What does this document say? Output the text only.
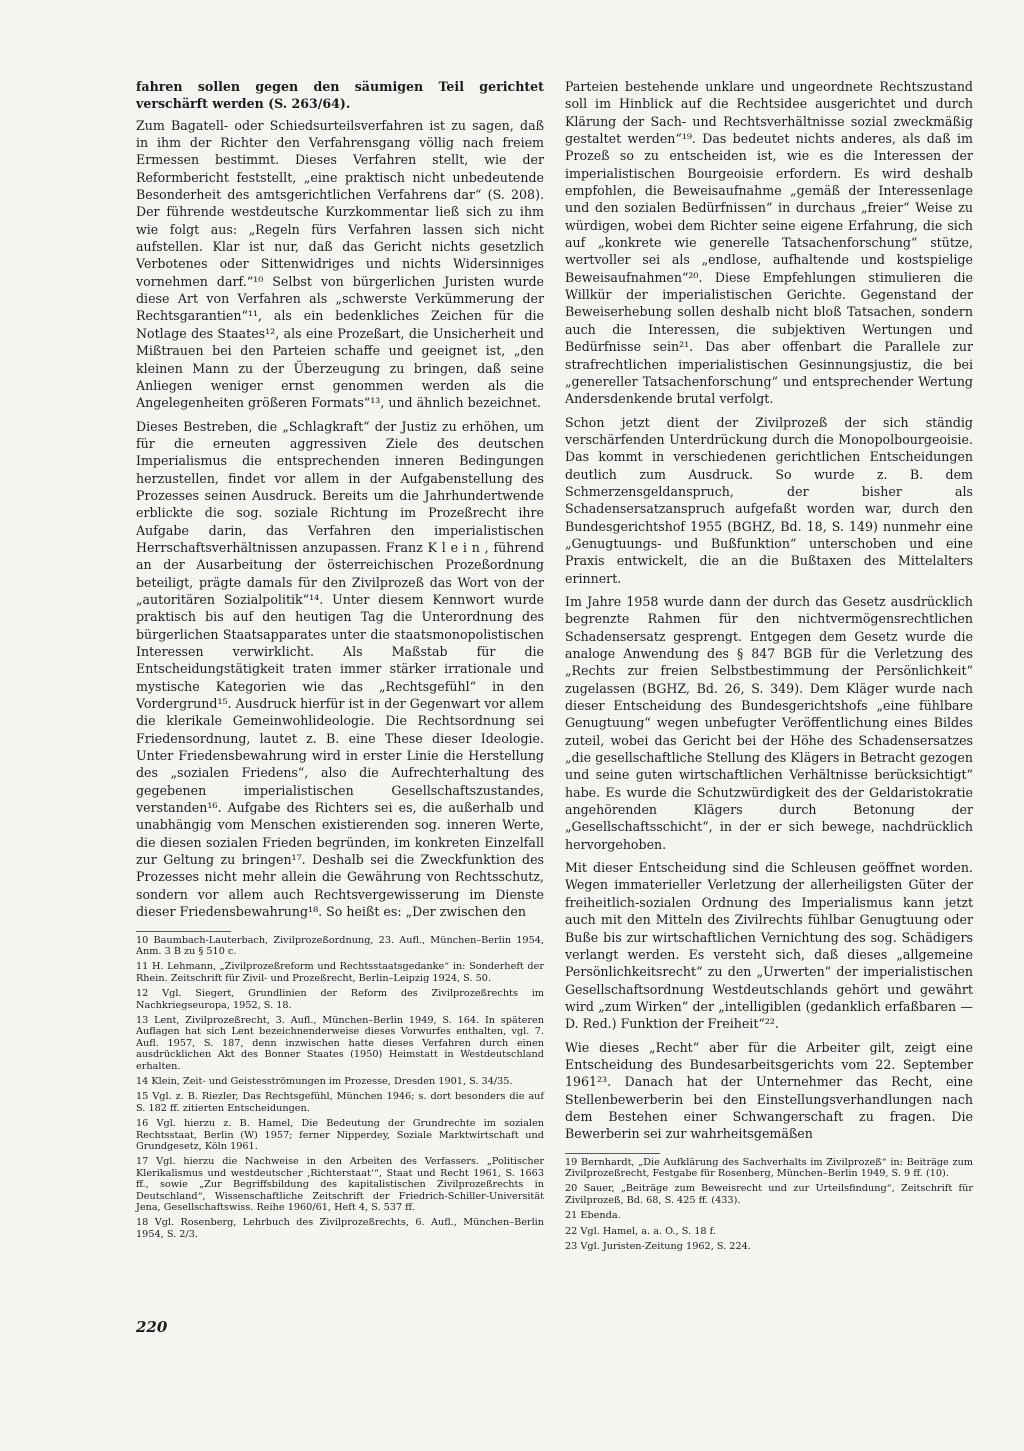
fahren sollen gegen den säumigen Teil gerichtet verschärft werden (S. 263/64).

Zum Bagatell- oder Schiedsurteilsverfahren ist zu sagen, daß in ihm der Richter den Verfahrensgang völlig nach freiem Ermessen bestimmt. Dieses Verfahren stellt, wie der Reformbericht feststellt, „eine praktisch nicht unbedeutende Besonderheit des amtsgerichtlichen Verfahrens dar“ (S. 208). Der führende westdeutsche Kurzkommentar ließ sich zu ihm wie folgt aus: „Regeln fürs Verfahren lassen sich nicht aufstellen. Klar ist nur, daß das Gericht nichts gesetzlich Verbotenes oder Sittenwidriges und nichts Widersinniges vornehmen darf.“¹⁰ Selbst von bürgerlichen Juristen wurde diese Art von Verfahren als „schwerste Verkümmerung der Rechtsgarantien“¹¹, als ein bedenkliches Zeichen für die Notlage des Staates¹², als eine Prozeßart, die Unsicherheit und Mißtrauen bei den Parteien schaffe und geeignet ist, „den kleinen Mann zu der Überzeugung zu bringen, daß seine Anliegen weniger ernst genommen werden als die Angelegenheiten größeren Formats“¹³, und ähnlich bezeichnet.

Dieses Bestreben, die „Schlagkraft“ der Justiz zu erhöhen, um für die erneuten aggressiven Ziele des deutschen Imperialismus die entsprechenden inneren Bedingungen herzustellen, findet vor allem in der Aufgabenstellung des Prozesses seinen Ausdruck. Bereits um die Jahrhundertwende erblickte die sog. soziale Richtung im Prozeßrecht ihre Aufgabe darin, das Verfahren den imperialistischen Herrschaftsverhältnissen anzupassen. Franz K l e i n , führend an der Ausarbeitung der österreichischen Prozeßordnung beteiligt, prägte damals für den Zivilprozeß das Wort von der „autoritären Sozialpolitik“¹⁴. Unter diesem Kennwort wurde praktisch bis auf den heutigen Tag die Unterordnung des bürgerlichen Staatsapparates unter die staatsmonopolistischen Interessen verwirklicht. Als Maßstab für die Entscheidungstätigkeit traten immer stärker irrationale und mystische Kategorien wie das „Rechtsgefühl“ in den Vordergrund¹⁵. Ausdruck hierfür ist in der Gegenwart vor allem die klerikale Gemeinwohlideologie. Die Rechtsordnung sei Friedensordnung, lautet z. B. eine These dieser Ideologie. Unter Friedensbewahrung wird in erster Linie die Herstellung des „sozialen Friedens“, also die Aufrechterhaltung des gegebenen imperialistischen Gesellschaftszustandes, verstanden¹⁶. Aufgabe des Richters sei es, die außerhalb und unabhängig vom Menschen existierenden sog. inneren Werte, die diesen sozialen Frieden begründen, im konkreten Einzelfall zur Geltung zu bringen¹⁷. Deshalb sei die Zweckfunktion des Prozesses nicht mehr allein die Gewährung von Rechtsschutz, sondern vor allem auch Rechtsvergewisserung im Dienste dieser Friedensbewahrung¹⁸. So heißt es: „Der zwischen den

10 Baumbach-Lauterbach, Zivilprozeßordnung, 23. Aufl., München–Berlin 1954, Anm. 3 B zu § 510 c.

11 H. Lehmann, „Zivilprozeßreform und Rechtsstaatsgedanke“ in: Sonderheft der Rhein. Zeitschrift für Zivil- und Prozeßrecht, Berlin–Leipzig 1924, S. 50.

12 Vgl. Siegert, Grundlinien der Reform des Zivilprozeßrechts im Nachkriegseuropa, 1952, S. 18.

13 Lent, Zivilprozeßrecht, 3. Aufl., München–Berlin 1949, S. 164. In späteren Auflagen hat sich Lent bezeichnenderweise dieses Vorwurfes enthalten, vgl. 7. Aufl. 1957, S. 187, denn inzwischen hatte dieses Verfahren durch einen ausdrücklichen Akt des Bonner Staates (1950) Heimstatt in Westdeutschland erhalten.

14 Klein, Zeit- und Geistesströmungen im Prozesse, Dresden 1901, S. 34/35.

15 Vgl. z. B. Riezler, Das Rechtsgefühl, München 1946; s. dort besonders die auf S. 182 ff. zitierten Entscheidungen.

16 Vgl. hierzu z. B. Hamel, Die Bedeutung der Grundrechte im sozialen Rechtsstaat, Berlin (W) 1957; ferner Nipperdey, Soziale Marktwirtschaft und Grundgesetz, Köln 1961.

17 Vgl. hierzu die Nachweise in den Arbeiten des Verfassers. „Politischer Klerikalismus und westdeutscher ‚Richterstaat‘“, Staat und Recht 1961, S. 1663 ff., sowie „Zur Begriffsbildung des kapitalistischen Zivilprozeßrechts in Deutschland“, Wissenschaftliche Zeitschrift der Friedrich-Schiller-Universität Jena, Gesellschaftswiss. Reihe 1960/61, Heft 4, S. 537 ff.

18 Vgl. Rosenberg, Lehrbuch des Zivilprozeßrechts, 6. Aufl., München–Berlin 1954, S. 2/3.

Parteien bestehende unklare und ungeordnete Rechtszustand soll im Hinblick auf die Rechtsidee ausgerichtet und durch Klärung der Sach- und Rechtsverhältnisse sozial zweckmäßig gestaltet werden“¹⁹. Das bedeutet nichts anderes, als daß im Prozeß so zu entscheiden ist, wie es die Interessen der imperialistischen Bourgeoisie erfordern. Es wird deshalb empfohlen, die Beweisaufnahme „gemäß der Interessenlage und den sozialen Bedürfnissen“ in durchaus „freier“ Weise zu würdigen, wobei dem Richter seine eigene Erfahrung, die sich auf „konkrete wie generelle Tatsachenforschung“ stütze, wertvoller sei als „endlose, aufhaltende und kostspielige Beweisaufnahmen“²⁰. Diese Empfehlungen stimulieren die Willkür der imperialistischen Gerichte. Gegenstand der Beweiserhebung sollen deshalb nicht bloß Tatsachen, sondern auch die Interessen, die subjektiven Wertungen und Bedürfnisse sein²¹. Das aber offenbart die Parallele zur strafrechtlichen imperialistischen Gesinnungsjustiz, die bei „genereller Tatsachenforschung“ und entsprechender Wertung Andersdenkende brutal verfolgt.

Schon jetzt dient der Zivilprozeß der sich ständig verschärfenden Unterdrückung durch die Monopolbourgeoisie. Das kommt in verschiedenen gerichtlichen Entscheidungen deutlich zum Ausdruck. So wurde z. B. dem Schmerzensgeldanspruch, der bisher als Schadensersatzanspruch aufgefaßt worden war, durch den Bundesgerichtshof 1955 (BGHZ, Bd. 18, S. 149) nunmehr eine „Genugtuungs- und Bußfunktion“ unterschoben und eine Praxis entwickelt, die an die Bußtaxen des Mittelalters erinnert.

Im Jahre 1958 wurde dann der durch das Gesetz ausdrücklich begrenzte Rahmen für den nichtvermögensrechtlichen Schadensersatz gesprengt. Entgegen dem Gesetz wurde die analoge Anwendung des § 847 BGB für die Verletzung des „Rechts zur freien Selbstbestimmung der Persönlichkeit“ zugelassen (BGHZ, Bd. 26, S. 349). Dem Kläger wurde nach dieser Entscheidung des Bundesgerichtshofs „eine fühlbare Genugtuung“ wegen unbefugter Veröffentlichung eines Bildes zuteil, wobei das Gericht bei der Höhe des Schadensersatzes „die gesellschaftliche Stellung des Klägers in Betracht gezogen und seine guten wirtschaftlichen Verhältnisse berücksichtigt“ habe. Es wurde die Schutzwürdigkeit des der Geldaristokratie angehörenden Klägers durch Betonung der „Gesellschaftsschicht“, in der er sich bewege, nachdrücklich hervorgehoben.

Mit dieser Entscheidung sind die Schleusen geöffnet worden. Wegen immaterieller Verletzung der allerheiligsten Güter der freiheitlich-sozialen Ordnung des Imperialismus kann jetzt auch mit den Mitteln des Zivilrechts fühlbar Genugtuung oder Buße bis zur wirtschaftlichen Vernichtung des sog. Schädigers verlangt werden. Es versteht sich, daß dieses „allgemeine Persönlichkeitsrecht“ zu den „Urwerten“ der imperialistischen Gesellschaftsordnung Westdeutschlands gehört und gewährt wird „zum Wirken“ der „intelligiblen (gedanklich erfaßbaren — D. Red.) Funktion der Freiheit“²².

Wie dieses „Recht“ aber für die Arbeiter gilt, zeigt eine Entscheidung des Bundesarbeitsgerichts vom 22. September 1961²³. Danach hat der Unternehmer das Recht, eine Stellenbewerberin bei den Einstellungsverhandlungen nach dem Bestehen einer Schwangerschaft zu fragen. Die Bewerberin sei zur wahrheitsgemäßen

19 Bernhardt, „Die Aufklärung des Sachverhalts im Zivilprozeß“ in: Beiträge zum Zivilprozeßrecht, Festgabe für Rosenberg, München–Berlin 1949, S. 9 ff. (10).

20 Sauer, „Beiträge zum Beweisrecht und zur Urteilsfindung“, Zeitschrift für Zivilprozeß, Bd. 68, S. 425 ff. (433).

21 Ebenda.

22 Vgl. Hamel, a. a. O., S. 18 f.

23 Vgl. Juristen-Zeitung 1962, S. 224.

220
